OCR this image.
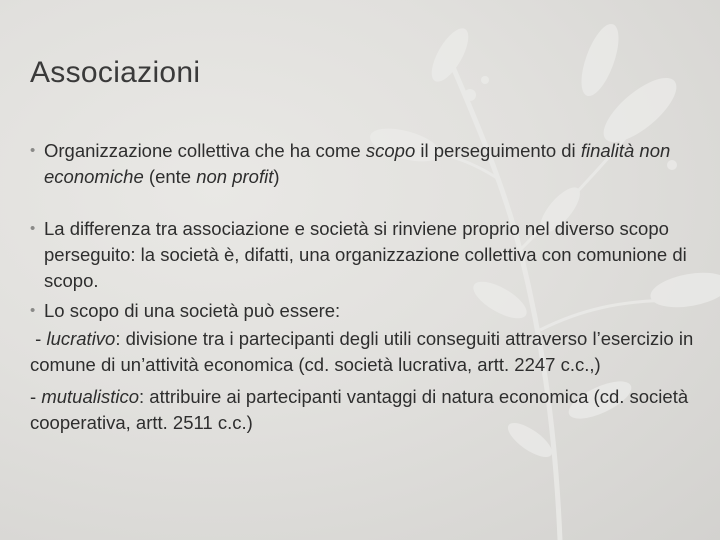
Associazioni
• Organizzazione collettiva che ha come scopo il perseguimento di finalità non economiche (ente non profit)
• La differenza tra associazione e società si rinviene proprio nel diverso scopo perseguito: la società è, difatti, una organizzazione collettiva con comunione di scopo.
• Lo scopo di una società può essere:
- lucrativo: divisione tra i partecipanti degli utili conseguiti attraverso l’esercizio in comune di un’attività economica (cd. società lucrativa, artt. 2247 c.c.,)
- mutualistico: attribuire ai partecipanti vantaggi di natura economica (cd. società cooperativa, artt. 2511 c.c.)
